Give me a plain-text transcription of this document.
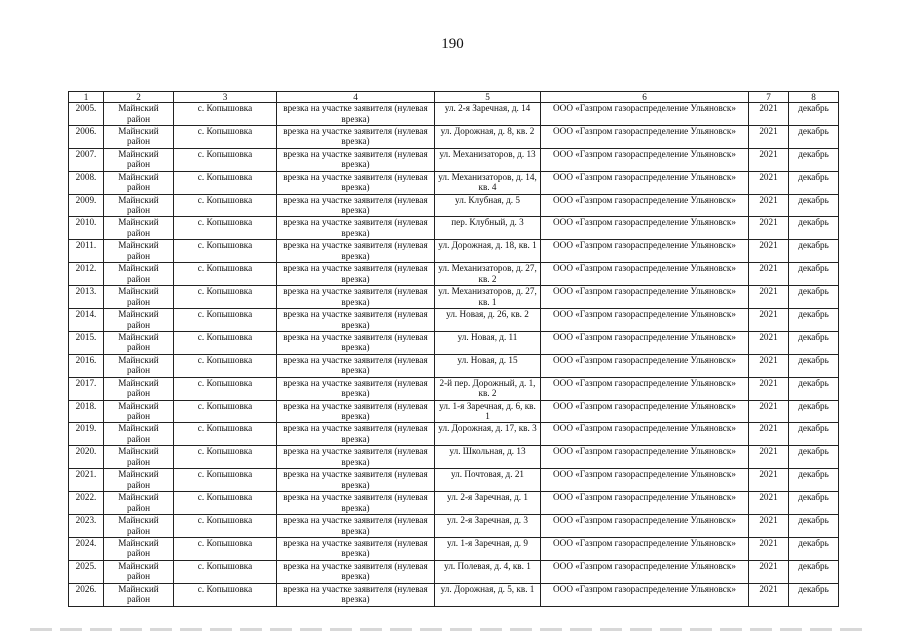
190
1	2	3	4	5	6	7	8
2005.	Майнский район	с. Копышовка	врезка на участке заявителя (нулевая врезка)	ул. 2-я Заречная, д. 14	ООО «Газпром газораспределение Ульяновск»	2021	декабрь
2006.	Майнский район	с. Копышовка	врезка на участке заявителя (нулевая врезка)	ул. Дорожная, д. 8, кв. 2	ООО «Газпром газораспределение Ульяновск»	2021	декабрь
2007.	Майнский район	с. Копышовка	врезка на участке заявителя (нулевая врезка)	ул. Механизаторов, д. 13	ООО «Газпром газораспределение Ульяновск»	2021	декабрь
2008.	Майнский район	с. Копышовка	врезка на участке заявителя (нулевая врезка)	ул. Механизаторов, д. 14, кв. 4	ООО «Газпром газораспределение Ульяновск»	2021	декабрь
2009.	Майнский район	с. Копышовка	врезка на участке заявителя (нулевая врезка)	ул. Клубная, д. 5	ООО «Газпром газораспределение Ульяновск»	2021	декабрь
2010.	Майнский район	с. Копышовка	врезка на участке заявителя (нулевая врезка)	пер. Клубный, д. 3	ООО «Газпром газораспределение Ульяновск»	2021	декабрь
2011.	Майнский район	с. Копышовка	врезка на участке заявителя (нулевая врезка)	ул. Дорожная, д. 18, кв. 1	ООО «Газпром газораспределение Ульяновск»	2021	декабрь
2012.	Майнский район	с. Копышовка	врезка на участке заявителя (нулевая врезка)	ул. Механизаторов, д. 27, кв. 2	ООО «Газпром газораспределение Ульяновск»	2021	декабрь
2013.	Майнский район	с. Копышовка	врезка на участке заявителя (нулевая врезка)	ул. Механизаторов, д. 27, кв. 1	ООО «Газпром газораспределение Ульяновск»	2021	декабрь
2014.	Майнский район	с. Копышовка	врезка на участке заявителя (нулевая врезка)	ул. Новая, д. 26, кв. 2	ООО «Газпром газораспределение Ульяновск»	2021	декабрь
2015.	Майнский район	с. Копышовка	врезка на участке заявителя (нулевая врезка)	ул. Новая, д. 11	ООО «Газпром газораспределение Ульяновск»	2021	декабрь
2016.	Майнский район	с. Копышовка	врезка на участке заявителя (нулевая врезка)	ул. Новая, д. 15	ООО «Газпром газораспределение Ульяновск»	2021	декабрь
2017.	Майнский район	с. Копышовка	врезка на участке заявителя (нулевая врезка)	2-й пер. Дорожный, д. 1, кв. 2	ООО «Газпром газораспределение Ульяновск»	2021	декабрь
2018.	Майнский район	с. Копышовка	врезка на участке заявителя (нулевая врезка)	ул. 1-я Заречная, д. 6, кв. 1	ООО «Газпром газораспределение Ульяновск»	2021	декабрь
2019.	Майнский район	с. Копышовка	врезка на участке заявителя (нулевая врезка)	ул. Дорожная, д. 17, кв. 3	ООО «Газпром газораспределение Ульяновск»	2021	декабрь
2020.	Майнский район	с. Копышовка	врезка на участке заявителя (нулевая врезка)	ул. Школьная, д. 13	ООО «Газпром газораспределение Ульяновск»	2021	декабрь
2021.	Майнский район	с. Копышовка	врезка на участке заявителя (нулевая врезка)	ул. Почтовая, д. 21	ООО «Газпром газораспределение Ульяновск»	2021	декабрь
2022.	Майнский район	с. Копышовка	врезка на участке заявителя (нулевая врезка)	ул. 2-я Заречная, д. 1	ООО «Газпром газораспределение Ульяновск»	2021	декабрь
2023.	Майнский район	с. Копышовка	врезка на участке заявителя (нулевая врезка)	ул. 2-я Заречная, д. 3	ООО «Газпром газораспределение Ульяновск»	2021	декабрь
2024.	Майнский район	с. Копышовка	врезка на участке заявителя (нулевая врезка)	ул. 1-я Заречная, д. 9	ООО «Газпром газораспределение Ульяновск»	2021	декабрь
2025.	Майнский район	с. Копышовка	врезка на участке заявителя (нулевая врезка)	ул. Полевая, д. 4, кв. 1	ООО «Газпром газораспределение Ульяновск»	2021	декабрь
2026.	Майнский район	с. Копышовка	врезка на участке заявителя (нулевая врезка)	ул. Дорожная, д. 5, кв. 1	ООО «Газпром газораспределение Ульяновск»	2021	декабрь
